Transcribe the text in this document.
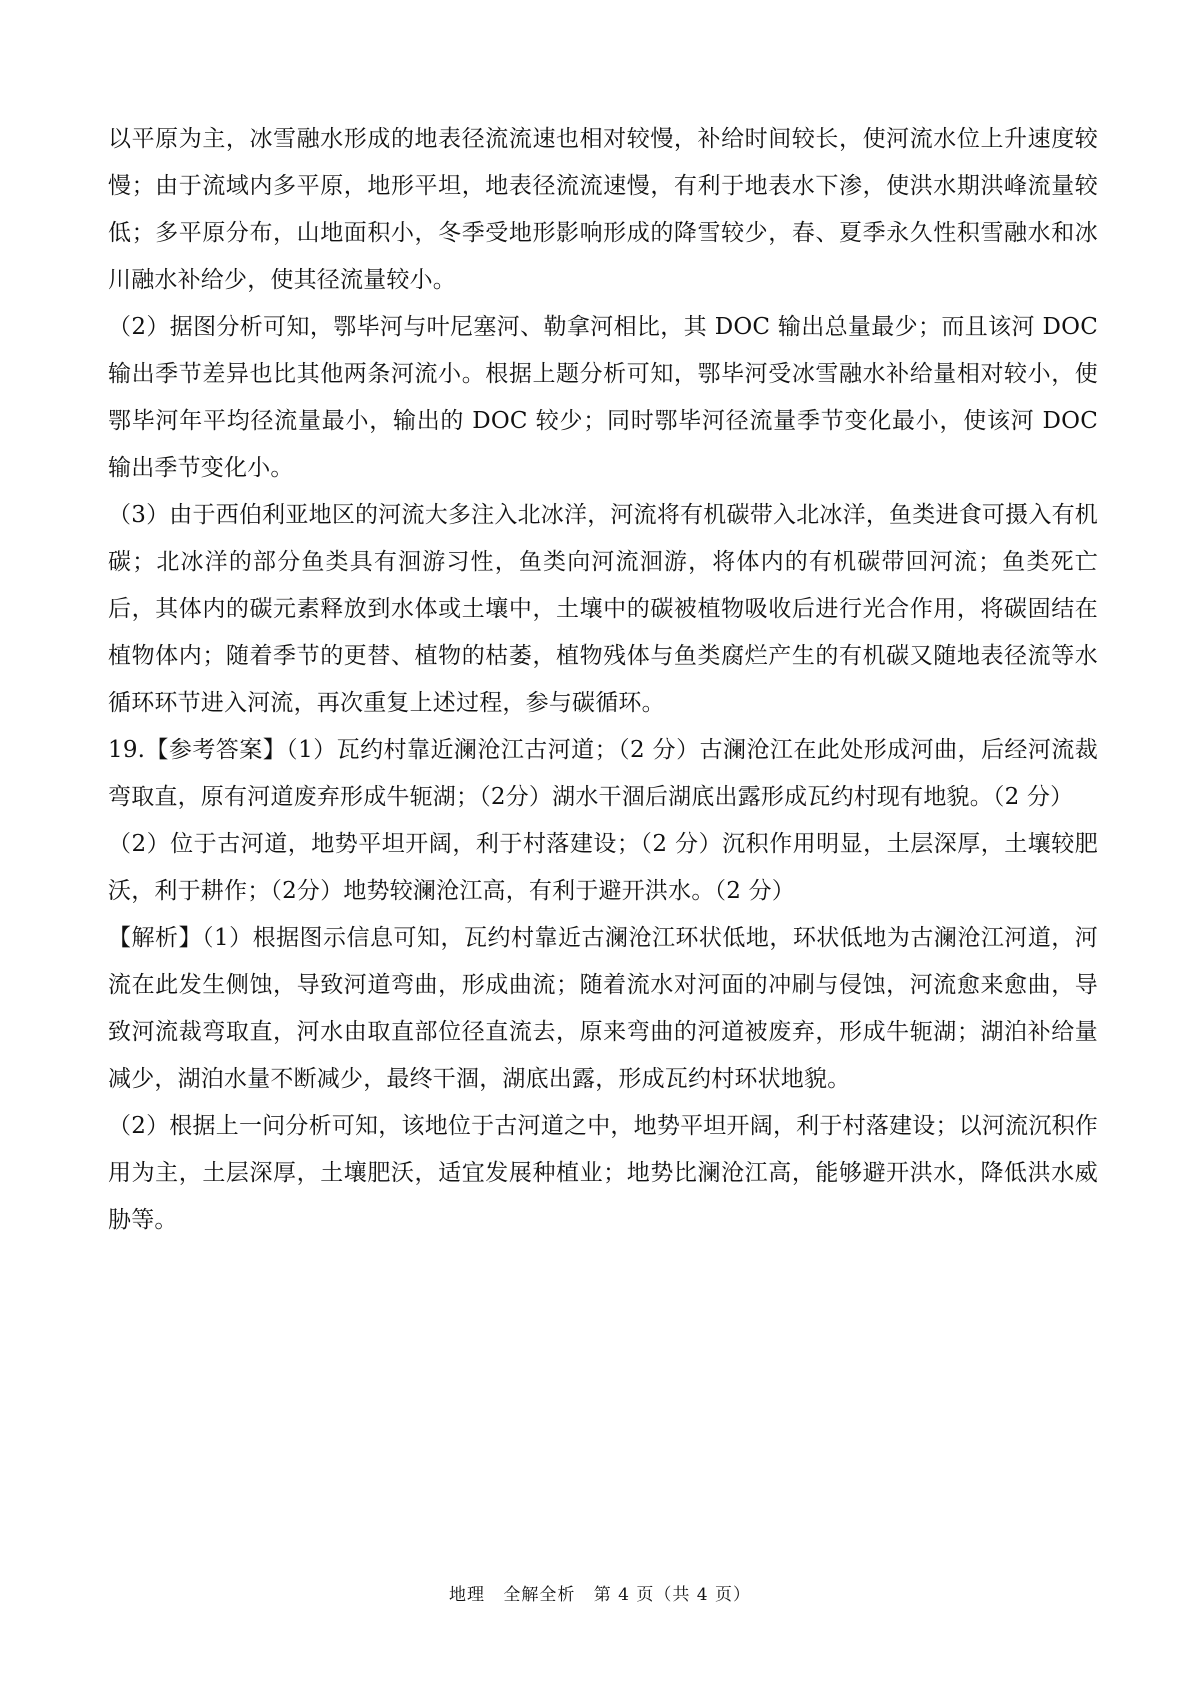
以平原为主，冰雪融水形成的地表径流流速也相对较慢，补给时间较长，使河流水位上升速度较慢；由于流域内多平原，地形平坦，地表径流流速慢，有利于地表水下渗，使洪水期洪峰流量较低；多平原分布，山地面积小，冬季受地形影响形成的降雪较少，春、夏季永久性积雪融水和冰川融水补给少，使其径流量较小。

（2）据图分析可知，鄂毕河与叶尼塞河、勒拿河相比，其 DOC 输出总量最少；而且该河 DOC 输出季节差异也比其他两条河流小。根据上题分析可知，鄂毕河受冰雪融水补给量相对较小，使鄂毕河年平均径流量最小，输出的 DOC 较少；同时鄂毕河径流量季节变化最小，使该河 DOC 输出季节变化小。

（3）由于西伯利亚地区的河流大多注入北冰洋，河流将有机碳带入北冰洋，鱼类进食可摄入有机碳；北冰洋的部分鱼类具有洄游习性，鱼类向河流洄游，将体内的有机碳带回河流；鱼类死亡后，其体内的碳元素释放到水体或土壤中，土壤中的碳被植物吸收后进行光合作用，将碳固结在植物体内；随着季节的更替、植物的枯萎，植物残体与鱼类腐烂产生的有机碳又随地表径流等水循环环节进入河流，再次重复上述过程，参与碳循环。

19.【参考答案】（1）瓦约村靠近澜沧江古河道；（2 分）古澜沧江在此处形成河曲，后经河流裁弯取直，原有河道废弃形成牛轭湖；（2分）湖水干涸后湖底出露形成瓦约村现有地貌。（2 分）

（2）位于古河道，地势平坦开阔，利于村落建设；（2 分）沉积作用明显，土层深厚，土壤较肥沃，利于耕作；（2分）地势较澜沧江高，有利于避开洪水。（2 分）

【解析】（1）根据图示信息可知，瓦约村靠近古澜沧江环状低地，环状低地为古澜沧江河道，河流在此发生侧蚀，导致河道弯曲，形成曲流；随着流水对河面的冲刷与侵蚀，河流愈来愈曲，导致河流裁弯取直，河水由取直部位径直流去，原来弯曲的河道被废弃，形成牛轭湖；湖泊补给量减少，湖泊水量不断减少，最终干涸，湖底出露，形成瓦约村环状地貌。

（2）根据上一问分析可知，该地位于古河道之中，地势平坦开阔，利于村落建设；以河流沉积作用为主，土层深厚，土壤肥沃，适宜发展种植业；地势比澜沧江高，能够避开洪水，降低洪水威胁等。

地理 全解全析 第 4 页（共 4 页）
